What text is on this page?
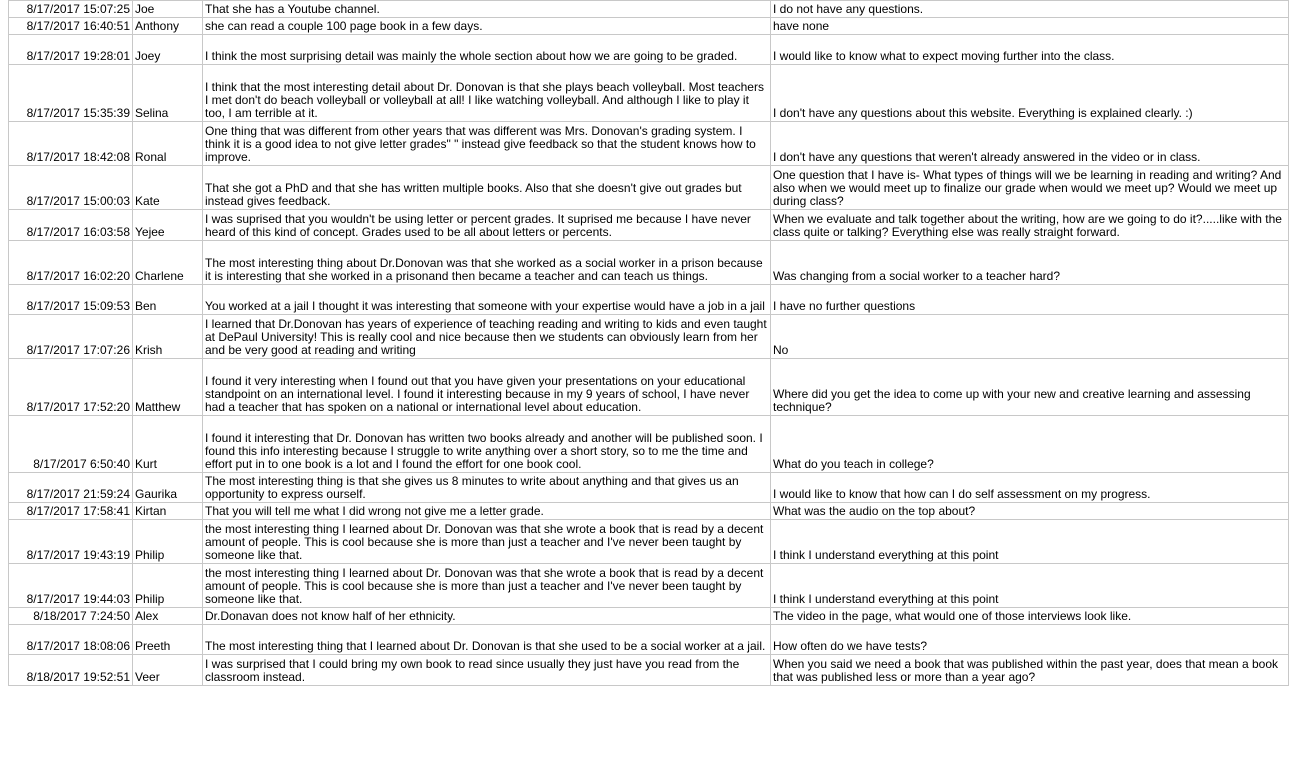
8/17/2017 15:07:25	Joe	That she has a Youtube channel.	I do not have any questions.
8/17/2017 16:40:51	Anthony	she can read a couple 100 page book in a few days.	have none
8/17/2017 19:28:01	Joey	I think the most surprising detail was mainly the whole section about how we are going to be graded.	I would like to know what to expect moving further into the class.
8/17/2017 15:35:39	Selina	I think that the most interesting detail about Dr. Donovan is that she plays beach volleyball. Most teachers I met don't do beach volleyball or volleyball at all! I like watching volleyball. And although I like to play it too, I am terrible at it.	I don't have any questions about this website. Everything is explained clearly. :)
8/17/2017 18:42:08	Ronal	One thing that was different from other years that was different was Mrs. Donovan's grading system. I think it is a good idea to not give letter grades" " instead give feedback so that the student knows how to improve.	I don't have any questions that weren't already answered in the video or in class.
8/17/2017 15:00:03	Kate	That she got a PhD and that she has written multiple books. Also that she doesn't give out grades but instead gives feedback.	One question that I have is- What types of things will we be learning in reading and writing? And also when we would meet up to finalize our grade when would we meet up? Would we meet up during class?
8/17/2017 16:03:58	Yejee	I was suprised that you wouldn't be using letter or percent grades. It suprised me because I have never heard of this kind of concept. Grades used to be all about letters or percents.	When we evaluate and talk together about the writing, how are we going to do it?.....like with the class quite or talking? Everything else was really straight forward.
8/17/2017 16:02:20	Charlene	The most interesting thing about Dr.Donovan was that she worked as a social worker in a prison because it is interesting that she worked in a prisonand then became a teacher and can teach us things.	Was changing from a social worker to a teacher hard?
8/17/2017 15:09:53	Ben	You worked at a jail I thought it was interesting that someone with your expertise would have a job in a jail	I have no further questions
8/17/2017 17:07:26	Krish	I learned that Dr.Donovan has years of experience of teaching reading and writing to kids and even taught at DePaul University! This is really cool and nice because then we students can obviously learn from her and be very good at reading and writing	No
8/17/2017 17:52:20	Matthew	I found it very interesting when I found out that you have given your presentations on your educational standpoint on an international level. I found it interesting because in my 9 years of school, I have never had a teacher that has spoken on a national or international level about education.	Where did you get the idea to come up with your new and creative learning and assessing technique?
8/17/2017 6:50:40	Kurt	I found it interesting that Dr. Donovan has written two books already and another will be published soon. I found this info interesting because I struggle to write anything over a short story, so to me the time and effort put in to one book is a lot and I found the effort for one book cool.	What do you teach in college?
8/17/2017 21:59:24	Gaurika	The most interesting thing is that she gives us 8 minutes to write about anything and that gives us an opportunity to express ourself.	I would like to know that how can I do self assessment on my progress.
8/17/2017 17:58:41	Kirtan	That you will tell me what I did wrong not give me a letter grade.	What was the audio on the top about?
8/17/2017 19:43:19	Philip	the most interesting thing I learned about Dr. Donovan was that she wrote a book that is read by a decent amount of people. This is cool because she is more than just a teacher and I've never been taught by someone like that.	I think I understand everything at this point
8/17/2017 19:44:03	Philip	the most interesting thing I learned about Dr. Donovan was that she wrote a book that is read by a decent amount of people. This is cool because she is more than just a teacher and I've never been taught by someone like that.	I think I understand everything at this point
8/18/2017 7:24:50	Alex	Dr.Donavan does not know half of her ethnicity.	The video in the page, what would one of those interviews look like.
8/17/2017 18:08:06	Preeth	The most interesting thing that I learned about Dr. Donovan is that she used to be a social worker at a jail.	How often do we have tests?
8/18/2017 19:52:51	Veer	I was surprised that I could bring my own book to read since usually they just have you read from the classroom instead.	When you said we need a book that was published within the past year, does that mean a book that was published less or more than a year ago?
